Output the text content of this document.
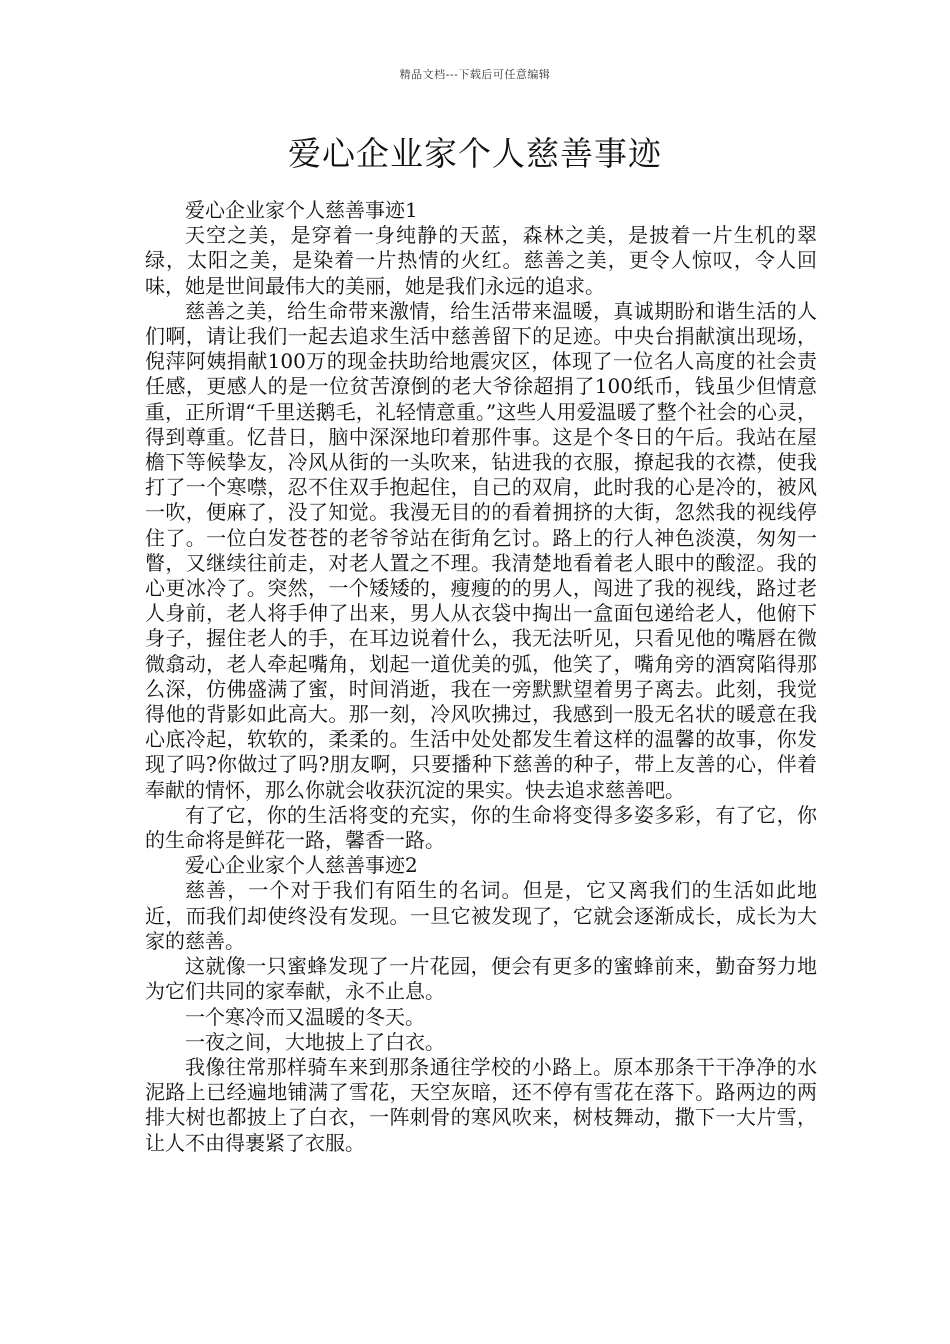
精品文档---下载后可任意编辑
爱心企业家个人慈善事迹

爱心企业家个人慈善事迹1

天空之美，是穿着一身纯静的天蓝，森林之美，是披着一片生机的翠绿，太阳之美，是染着一片热情的火红。慈善之美，更令人惊叹，令人回味，她是世间最伟大的美丽，她是我们永远的追求。

慈善之美，给生命带来激情，给生活带来温暖，真诚期盼和谐生活的人们啊，请让我们一起去追求生活中慈善留下的足迹。中央台捐献演出现场，倪萍阿姨捐献100万的现金扶助给地震灾区，体现了一位名人高度的社会责任感，更感人的是一位贫苦潦倒的老大爷徐超捐了100纸币，钱虽少但情意重，正所谓“千里送鹅毛，礼轻情意重。”这些人用爱温暖了整个社会的心灵，得到尊重。忆昔日，脑中深深地印着那件事。这是个冬日的午后。我站在屋檐下等候挚友，冷风从街的一头吹来，钻进我的衣服，撩起我的衣襟，使我打了一个寒噤，忍不住双手抱起住，自己的双肩，此时我的心是冷的，被风一吹，便麻了，没了知觉。我漫无目的的看着拥挤的大街，忽然我的视线停住了。一位白发苍苍的老爷爷站在街角乞讨。路上的行人神色淡漠，匆匆一瞥，又继续往前走，对老人置之不理。我清楚地看着老人眼中的酸涩。我的心更冰冷了。突然，一个矮矮的，瘦瘦的的男人，闯进了我的视线，路过老人身前，老人将手伸了出来，男人从衣袋中掏出一盒面包递给老人，他俯下身子，握住老人的手，在耳边说着什么，我无法听见，只看见他的嘴唇在微微翕动，老人牵起嘴角，划起一道优美的弧，他笑了，嘴角旁的酒窝陷得那么深，仿佛盛满了蜜，时间消逝，我在一旁默默望着男子离去。此刻，我觉得他的背影如此高大。那一刻，冷风吹拂过，我感到一股无名状的暖意在我心底冷起，软软的，柔柔的。生活中处处都发生着这样的温馨的故事，你发现了吗?你做过了吗?朋友啊，只要播种下慈善的种子，带上友善的心，伴着奉献的情怀，那么你就会收获沉淀的果实。快去追求慈善吧。

有了它，你的生活将变的充实，你的生命将变得多姿多彩，有了它，你的生命将是鲜花一路，馨香一路。

爱心企业家个人慈善事迹2

慈善，一个对于我们有陌生的名词。但是，它又离我们的生活如此地近，而我们却使终没有发现。一旦它被发现了，它就会逐渐成长，成长为大家的慈善。

这就像一只蜜蜂发现了一片花园，便会有更多的蜜蜂前来，勤奋努力地为它们共同的家奉献，永不止息。

一个寒冷而又温暖的冬天。

一夜之间，大地披上了白衣。

我像往常那样骑车来到那条通往学校的小路上。原本那条干干净净的水泥路上已经遍地铺满了雪花，天空灰暗，还不停有雪花在落下。路两边的两排大树也都披上了白衣，一阵刺骨的寒风吹来，树枝舞动，撒下一大片雪，让人不由得裹紧了衣服。
